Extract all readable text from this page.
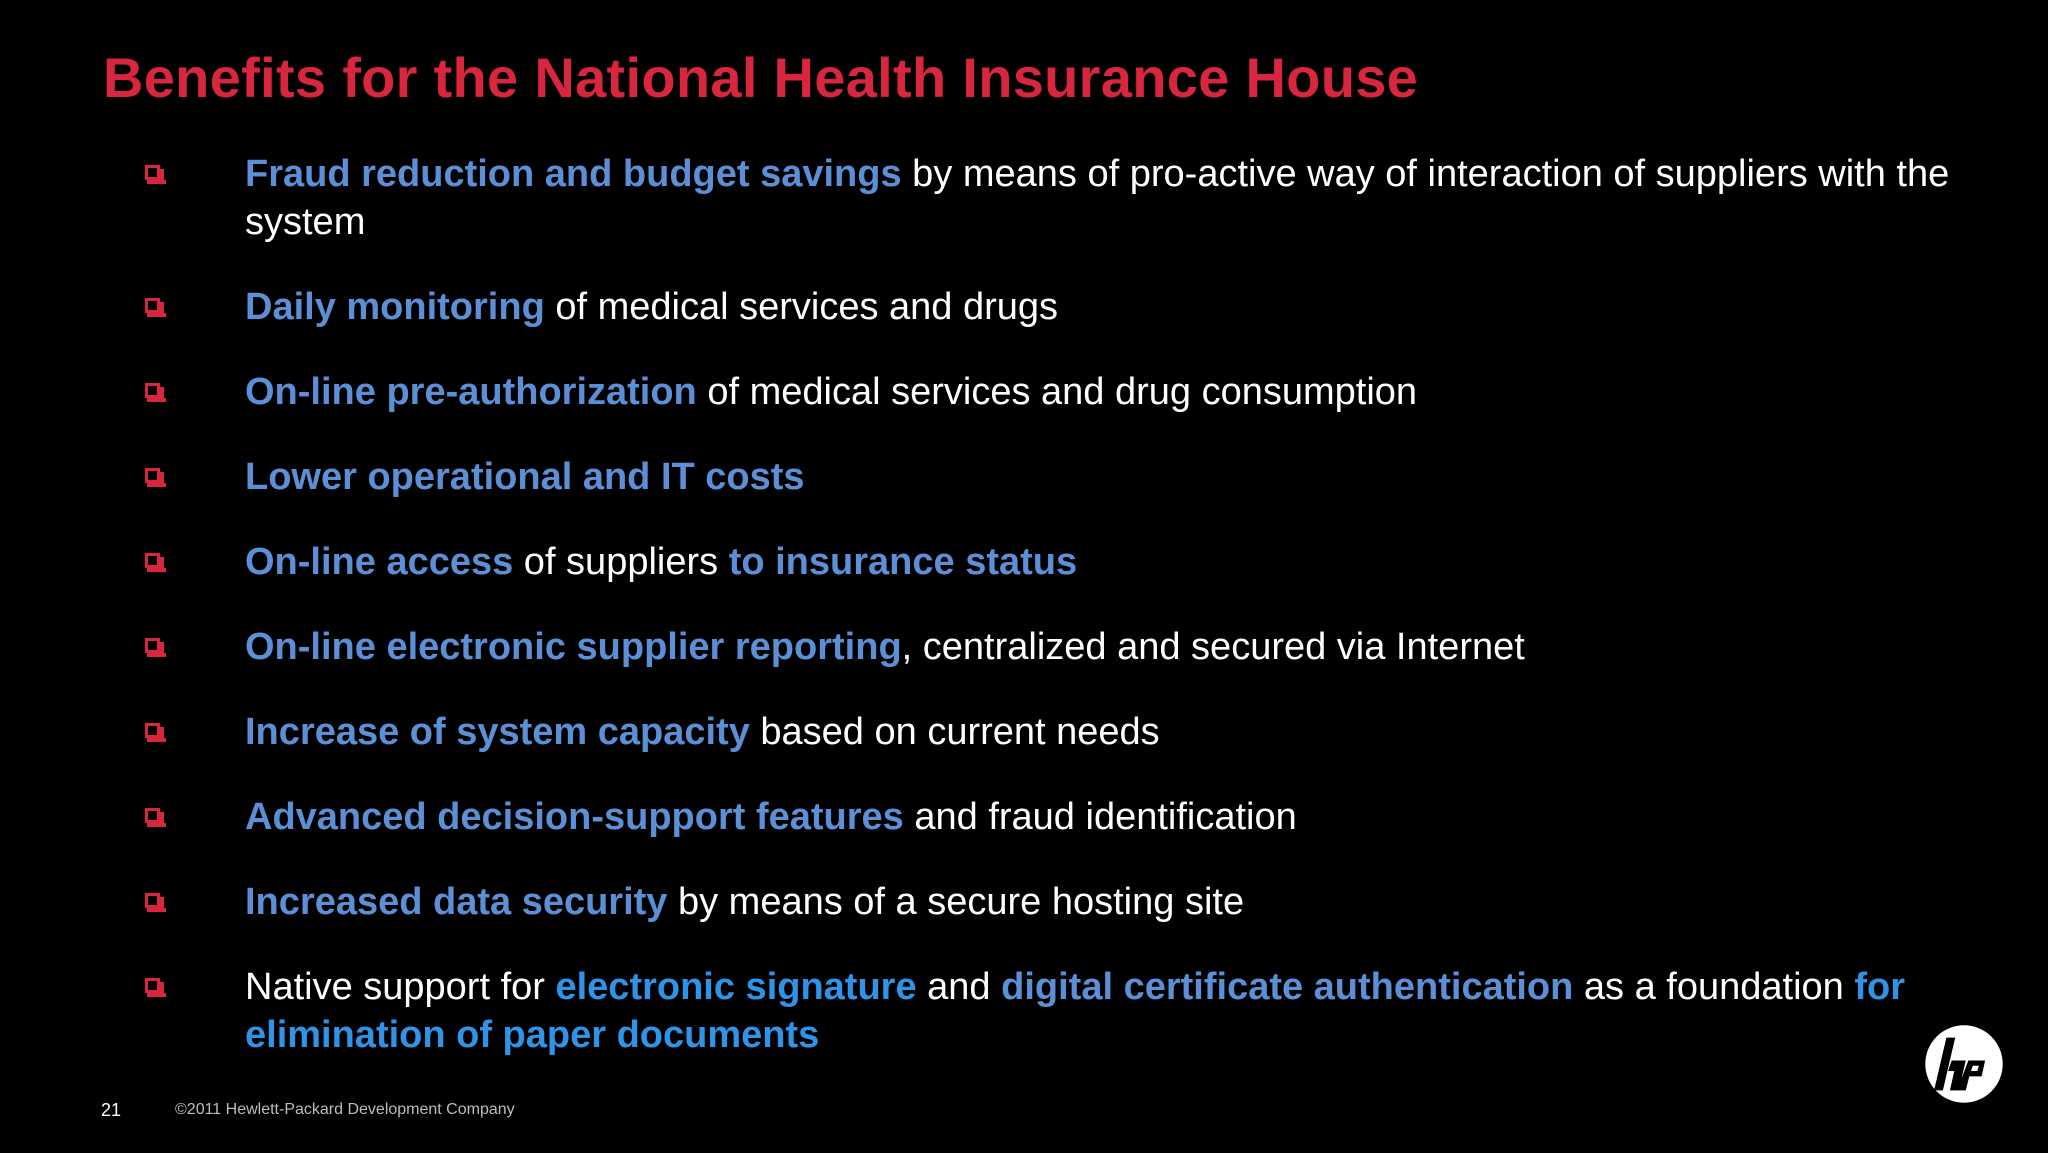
Benefits for the National Health Insurance House
Fraud reduction and budget savings by means of pro-active way of interaction of suppliers with the system
Daily monitoring of medical services and drugs
On-line pre-authorization of medical services and drug consumption
Lower operational and IT costs
On-line access of suppliers to insurance status
On-line electronic supplier reporting, centralized and secured via Internet
Increase of system capacity based on current needs
Advanced decision-support features and fraud identification
Increased data security by means of a secure hosting site
Native support for electronic signature and digital certificate authentication as a foundation for elimination of paper documents
21	©2011 Hewlett-Packard Development Company
